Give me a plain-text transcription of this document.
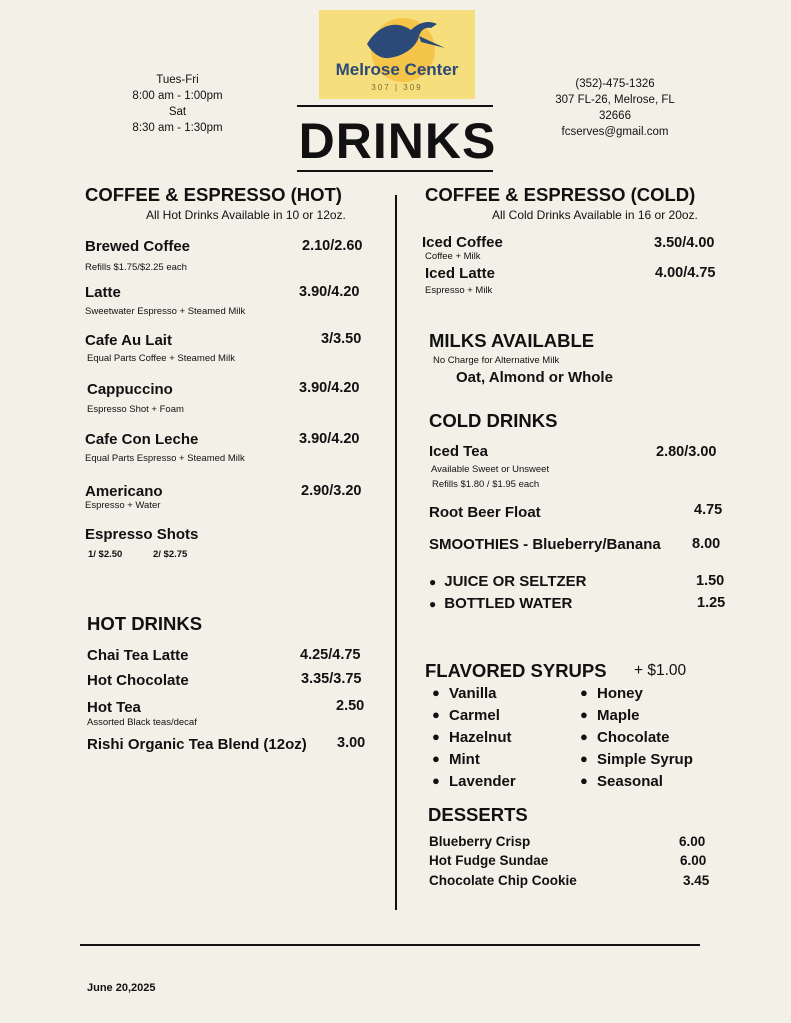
Tues-Fri
8:00 am - 1:00pm
Sat
8:30 am - 1:30pm
Melrose Center
307 | 309	(352)-475-1326
307 FL-26, Melrose, FL
32666
fcserves@gmail.com
DRINKS
COFFEE & ESPRESSO (HOT)
All Hot Drinks Available in 10 or 12oz.
Brewed Coffee	2.10/2.60
Refills $1.75/$2.25 each
Latte	3.90/4.20
Sweetwater Espresso + Steamed Milk
Cafe Au Lait	3/3.50
Equal Parts Coffee + Steamed Milk
Cappuccino	3.90/4.20
Espresso Shot + Foam
Cafe Con Leche	3.90/4.20
Equal Parts Espresso + Steamed Milk
Americano	2.90/3.20
Espresso + Water
Espresso Shots
1/ $2.50	2/ $2.75
HOT DRINKS
Chai Tea Latte	4.25/4.75
Hot Chocolate	3.35/3.75
Hot Tea	2.50
Assorted Black teas/decaf
Rishi Organic Tea Blend (12oz) 3.00
COFFEE & ESPRESSO (COLD)
All Cold Drinks Available in 16 or 20oz.
Iced Coffee	3.50/4.00
Coffee + Milk
Iced Latte	4.00/4.75
Espresso + Milk
MILKS AVAILABLE
No Charge for Alternative Milk
Oat, Almond or Whole
COLD DRINKS
Iced Tea	2.80/3.00
Available Sweet or Unsweet
Refills $1.80 / $1.95 each
Root Beer Float	4.75
SMOOTHIES - Blueberry/Banana 8.00
● JUICE OR SELTZER	1.50
● BOTTLED WATER	1.25
FLAVORED SYRUPS + $1.00
● Vanilla
● Carmel
● Hazelnut
● Mint
● Lavender
● Honey
● Maple
● Chocolate
● Simple Syrup
● Seasonal
DESSERTS
Blueberry Crisp	6.00
Hot Fudge Sundae	6.00
Chocolate Chip Cookie	3.45
June 20,2025
